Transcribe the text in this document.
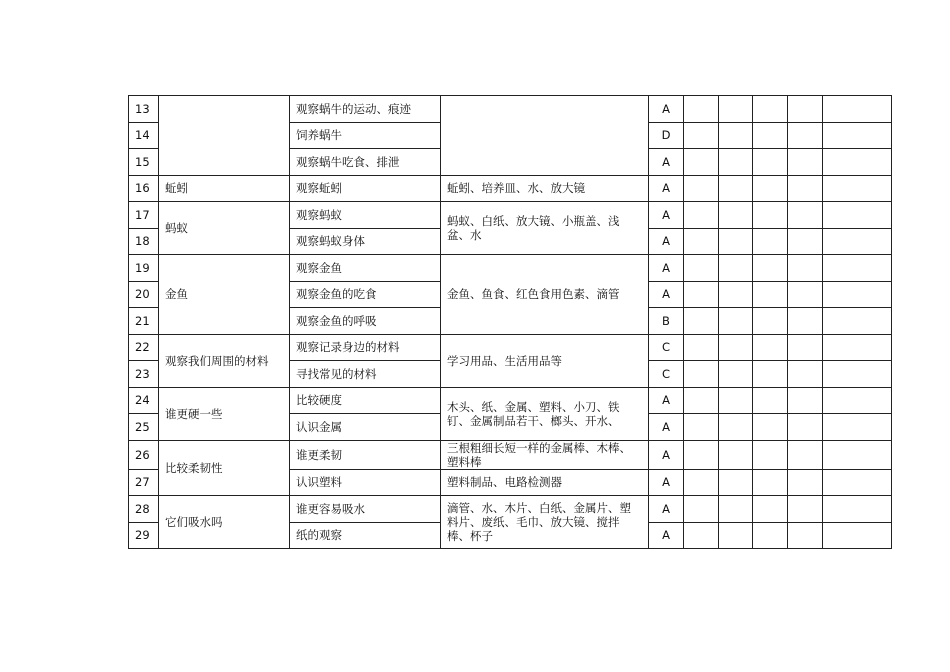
13		观察蜗牛的运动、痕迹		A					
14		饲养蜗牛		D					
15		观察蜗牛吃食、排泄		A					
16	蚯蚓	观察蚯蚓	蚯蚓、培养皿、水、放大镜	A					
17	蚂蚁	观察蚂蚁	蚂蚁、白纸、放大镜、小瓶盖、浅盆、水	A					
18		观察蚂蚁身体		A					
19	金鱼	观察金鱼	金鱼、鱼食、红色食用色素、滴管	A					
20		观察金鱼的吃食		A					
21		观察金鱼的呼吸		B					
22	观察我们周围的材料	观察记录身边的材料	学习用品、生活用品等	C					
23		寻找常见的材料		C					
24	谁更硬一些	比较硬度	木头、纸、金属、塑料、小刀、铁钉、金属制品若干、榔头、开水、	A					
25		认识金属		A					
26	比较柔韧性	谁更柔韧	三根粗细长短一样的金属棒、木棒、塑料棒	A					
27		认识塑料	塑料制品、电路检测器	A					
28	它们吸水吗	谁更容易吸水	滴管、水、木片、白纸、金属片、塑料片、废纸、毛巾、放大镜、搅拌棒、杯子	A					
29		纸的观察		A					
